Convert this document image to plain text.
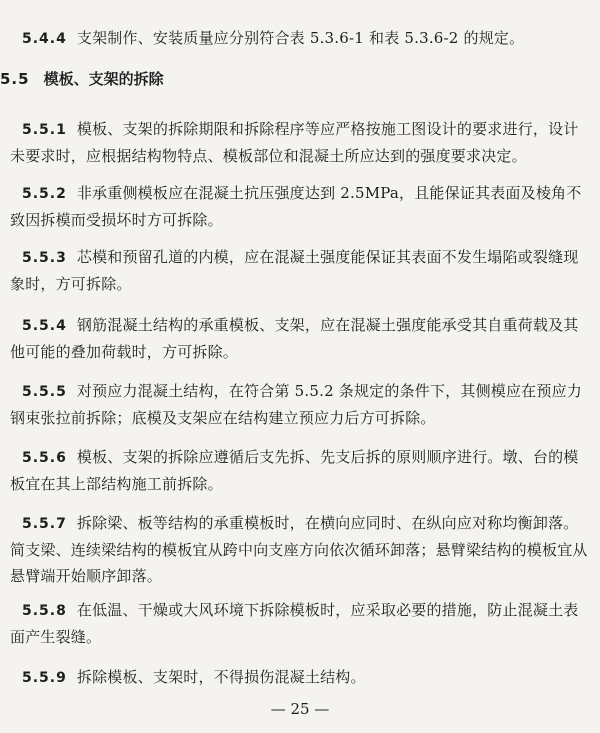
5.4.4 支架制作、安装质量应分别符合表 5.3.6-1 和表 5.3.6-2 的规定。
5.5 模板、支架的拆除
5.5.1 模板、支架的拆除期限和拆除程序等应严格按施工图设计的要求进行，设计未要求时，应根据结构物特点、模板部位和混凝土所应达到的强度要求决定。
5.5.2 非承重侧模板应在混凝土抗压强度达到 2.5MPa，且能保证其表面及棱角不致因拆模而受损坏时方可拆除。
5.5.3 芯模和预留孔道的内模，应在混凝土强度能保证其表面不发生塌陷或裂缝现象时，方可拆除。
5.5.4 钢筋混凝土结构的承重模板、支架，应在混凝土强度能承受其自重荷载及其他可能的叠加荷载时，方可拆除。
5.5.5 对预应力混凝土结构，在符合第 5.5.2 条规定的条件下，其侧模应在预应力钢束张拉前拆除；底模及支架应在结构建立预应力后方可拆除。
5.5.6 模板、支架的拆除应遵循后支先拆、先支后拆的原则顺序进行。墩、台的模板宜在其上部结构施工前拆除。
5.5.7 拆除梁、板等结构的承重模板时，在横向应同时、在纵向应对称均衡卸落。简支梁、连续梁结构的模板宜从跨中向支座方向依次循环卸落；悬臂梁结构的模板宜从悬臂端开始顺序卸落。
5.5.8 在低温、干燥或大风环境下拆除模板时，应采取必要的措施，防止混凝土表面产生裂缝。
5.5.9 拆除模板、支架时，不得损伤混凝土结构。
— 25 —
